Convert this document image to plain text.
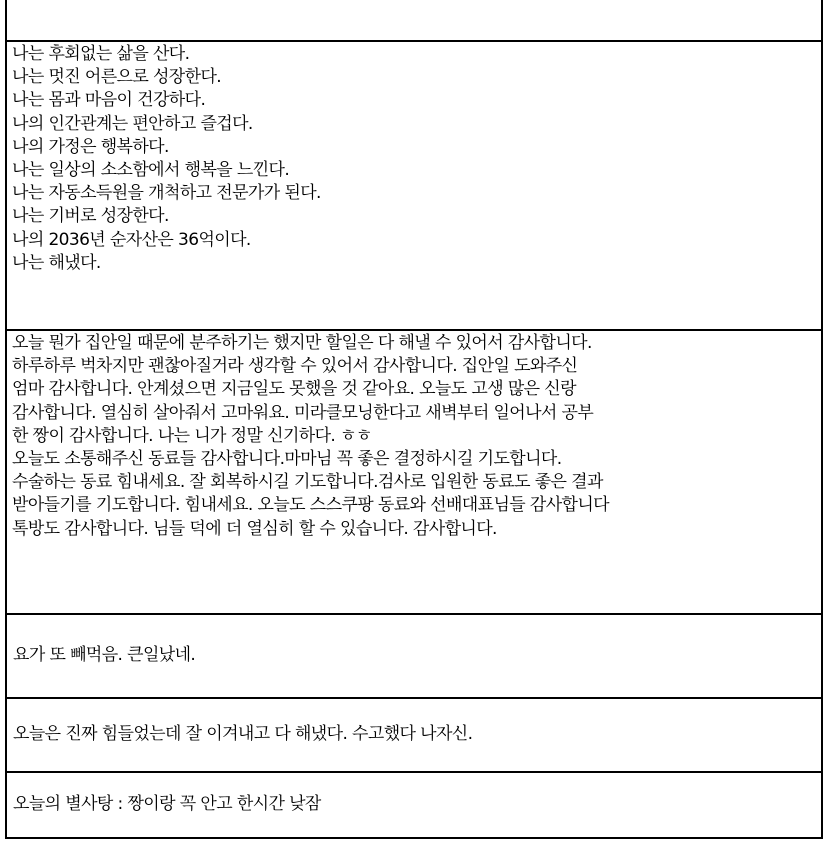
나는 후회없는 삶을 산다.
나는 멋진 어른으로 성장한다.
나는 몸과 마음이 건강하다.
나의 인간관계는 편안하고 즐겁다.
나의 가정은 행복하다.
나는 일상의 소소함에서 행복을 느낀다.
나는 자동소득원을 개척하고 전문가가 된다.
나는 기버로 성장한다.
나의 2036년 순자산은 36억이다.
나는 해냈다.

오늘 뭔가 집안일 때문에 분주하기는 했지만 할일은 다 해낼 수 있어서 감사합니다.
하루하루 벅차지만 괜찮아질거라 생각할 수 있어서 감사합니다. 집안일 도와주신
엄마 감사합니다. 안계셨으면 지금일도 못했을 것 같아요. 오늘도 고생 많은 신랑
감사합니다. 열심히 살아줘서 고마워요. 미라클모닝한다고 새벽부터 일어나서 공부
한 짱이 감사합니다. 나는 니가 정말 신기하다. ㅎㅎ
오늘도 소통해주신 동료들 감사합니다.마마님 꼭 좋은 결정하시길 기도합니다.
수술하는 동료 힘내세요. 잘 회복하시길 기도합니다.검사로 입원한 동료도 좋은 결과
받아들기를 기도합니다. 힘내세요. 오늘도 스스쿠팡 동료와 선배대표님들 감사합니다
톡방도 감사합니다. 님들 덕에 더 열심히 할 수 있습니다. 감사합니다.

요가 또 빼먹음. 큰일났네.
오늘은 진짜 힘들었는데 잘 이겨내고 다 해냈다. 수고했다 나자신.
오늘의 별사탕 : 짱이랑 꼭 안고 한시간 낮잠
